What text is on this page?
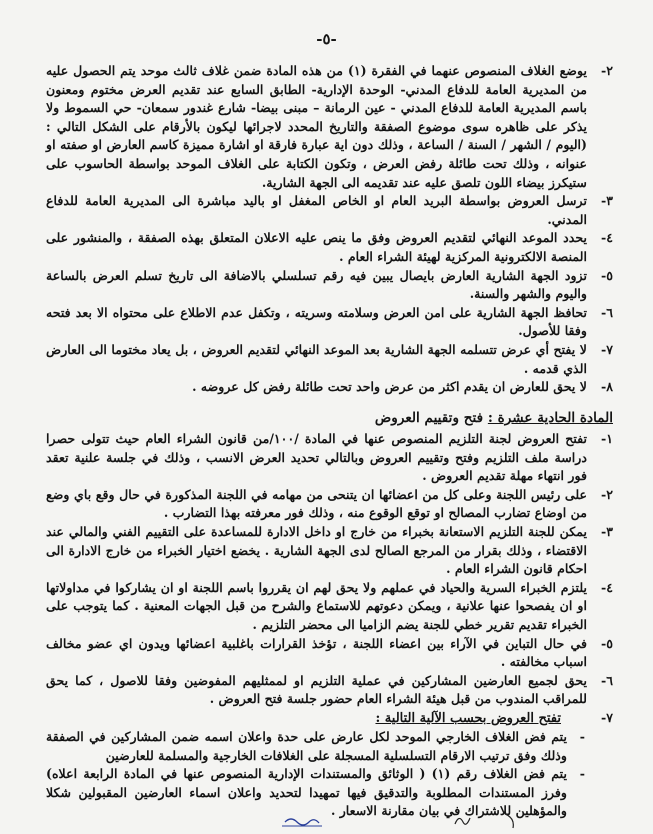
-٥-
٢-
يوضع الغلاف المنصوص عنهما في الفقرة (١) من هذه المادة ضمن غلاف ثالث موحد يتم الحصول عليه من المديرية العامة للدفاع المدني- الوحدة الإدارية- الطابق السابع عند تقديم العرض مختوم ومعنون باسم المديرية العامة للدفاع المدني - عين الرمانة – مبنى بيضا- شارع غندور سمعان- حي السموط ولا يذكر على ظاهره سوى موضوع الصفقة والتاريخ المحدد لاجرائها ليكون بالأرقام على الشكل التالي :(اليوم / الشهر / السنة / الساعة ، وذلك دون اية عبارة فارقة او اشارة مميزة كاسم العارض او صفته او عنوانه ، وذلك تحت طائلة رفض العرض ، وتكون الكتابة على الغلاف الموحد بواسطة الحاسوب على ستيكرز بيضاء اللون تلصق عليه عند تقديمه الى الجهة الشارية.
٣-
ترسل العروض بواسطة البريد العام او الخاص المغفل او باليد مباشرة الى المديرية العامة للدفاع المدني.
٤-
يحدد الموعد النهائي لتقديم العروض وفق ما ينص عليه الاعلان المتعلق بهذه الصفقة ، والمنشور على المنصة الالكترونية المركزية لهيئة الشراء العام .
٥-
تزود الجهة الشارية العارض بايصال يبين فيه رقم تسلسلي بالاضافة الى تاريخ تسلم العرض بالساعة واليوم والشهر والسنة.
٦-
تحافظ الجهة الشارية على امن العرض وسلامته وسريته ، وتكفل عدم الاطلاع على محتواه الا بعد فتحه وفقا للأصول.
٧-
لا يفتح أي عرض تتسلمه الجهة الشارية بعد الموعد النهائي لتقديم العروض ، بل يعاد مختوما الى العارض الذي قدمه .
٨-
لا يحق للعارض ان يقدم اكثر من عرض واحد تحت طائلة رفض كل عروضه .
المادة الحادية عشرة : فتح وتقييم العروض
١-
تفتح العروض لجنة التلزيم المنصوص عنها في المادة /١٠٠/من قانون الشراء العام حيث تتولى حصرا دراسة ملف التلزيم وفتح وتقييم العروض وبالتالي تحديد العرض الانسب ، وذلك في جلسة علنية تعقد فور انتهاء مهلة تقديم العروض .
٢-
على رئيس اللجنة وعلى كل من اعضائها ان يتنحى من مهامه في اللجنة المذكورة في حال وقع باي وضع من اوضاع تضارب المصالح او توقع الوقوع منه ، وذلك فور معرفته بهذا التضارب .
٣-
يمكن للجنة التلزيم الاستعانة بخبراء من خارج او داخل الادارة للمساعدة على التقييم الفني والمالي عند الاقتضاء ، وذلك بقرار من المرجع الصالح لدى الجهة الشارية . يخضع اختيار الخبراء من خارج الادارة الى احكام قانون الشراء العام .
٤-
يلتزم الخبراء السرية والحياد في عملهم ولا يحق لهم ان يقرروا باسم اللجنة او ان يشاركوا في مداولاتها او ان يفصحوا عنها علانية ، ويمكن دعوتهم للاستماع والشرح من قبل الجهات المعنية . كما يتوجب على الخبراء تقديم تقرير خطي للجنة يضم الزاميا الى محضر التلزيم .
٥-
في حال التباين في الآراء بين اعضاء اللجنة ، تؤخذ القرارات باغلبية اعضائها ويدون اي عضو مخالف اسباب مخالفته .
٦-
يحق لجميع العارضين المشاركين في عملية التلزيم او لممثليهم المفوضين وفقا للاصول ، كما يحق للمراقب المندوب من قبل هيئة الشراء العام حضور جلسة فتح العروض .
٧-
تفتح العروض بحسب الآلية التالية :
-
يتم فض الغلاف الخارجي الموحد لكل عارض على حدة واعلان اسمه ضمن المشاركين في الصفقة وذلك وفق ترتيب الارقام التسلسلية المسجلة على الغلافات الخارجية والمسلمة للعارضين
-
يتم فض الغلاف رقم (١) ( الوثائق والمستندات الإدارية المنصوص عنها في المادة الرابعة اعلاه) وفرز المستندات المطلوبة والتدقيق فيها تمهيدا لتحديد واعلان اسماء العارضين المقبولين شكلا والمؤهلين للاشتراك في بيان مقارنة الاسعار .
